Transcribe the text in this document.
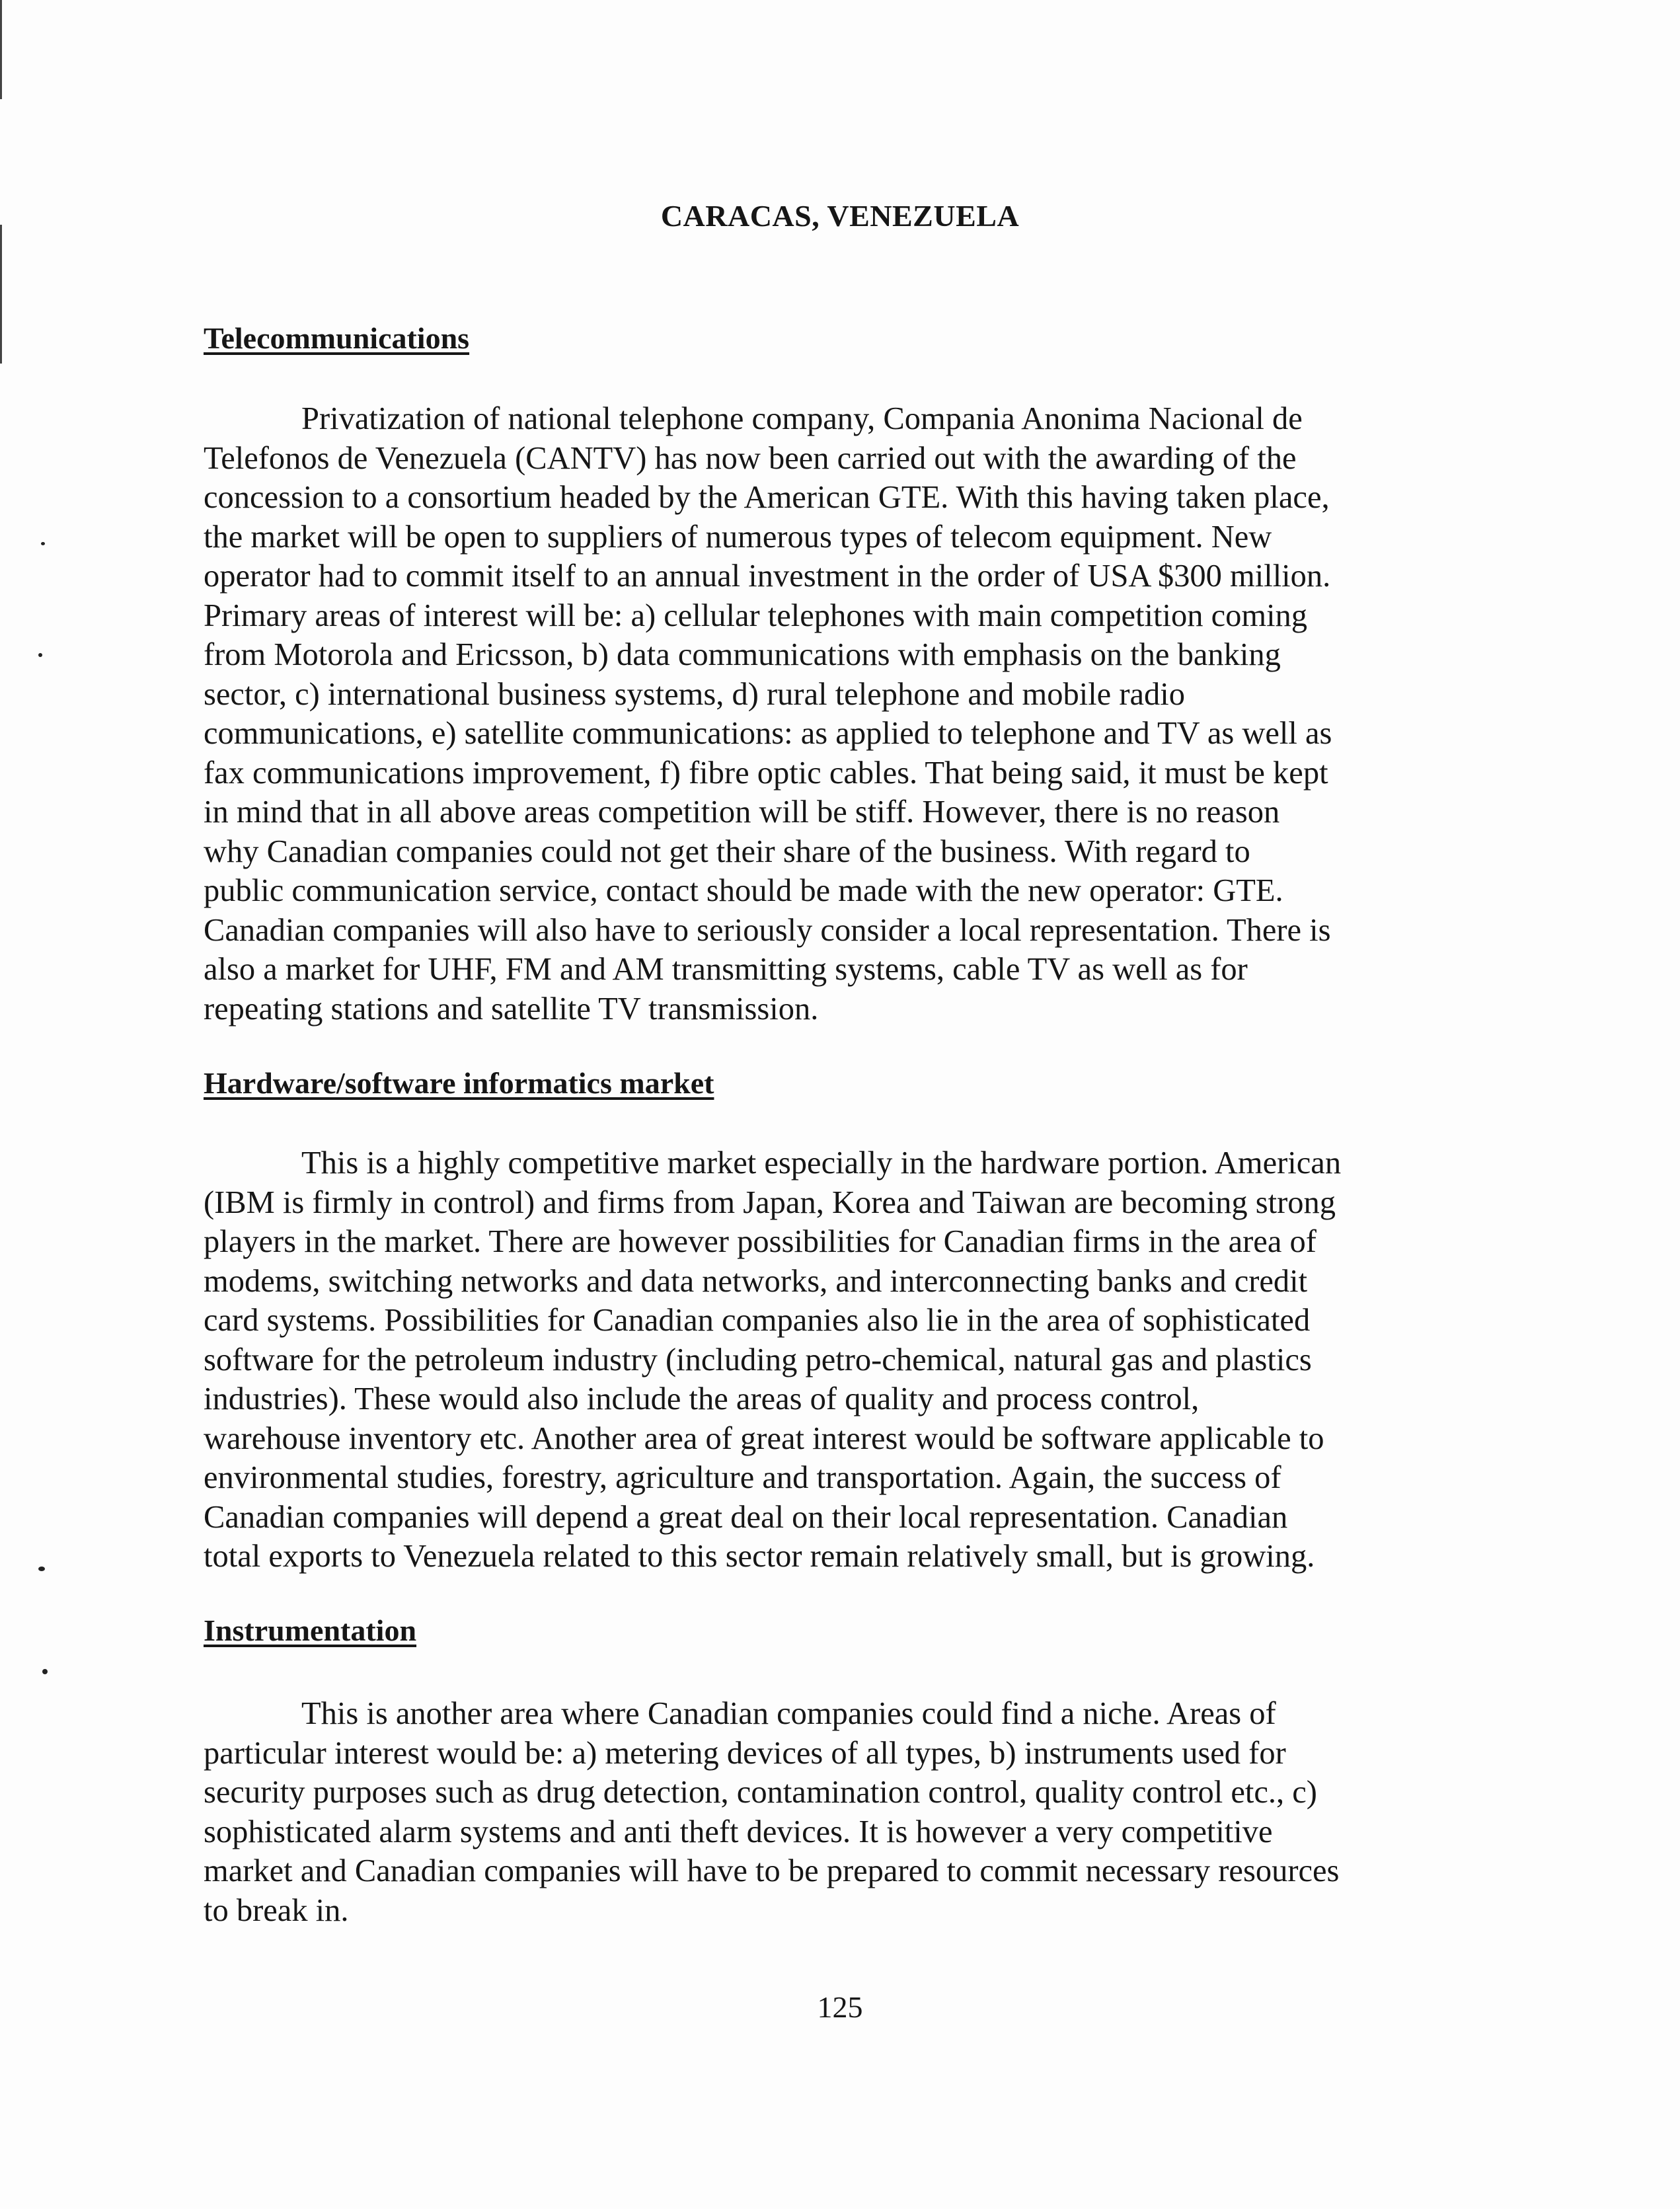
CARACAS, VENEZUELA
Telecommunications
Privatization of national telephone company, Compania Anonima Nacional de
Telefonos de Venezuela (CANTV) has now been carried out with the awarding of the
concession to a consortium headed by the American GTE. With this having taken place,
the market will be open to suppliers of numerous types of telecom equipment. New
operator had to commit itself to an annual investment in the order of USA $300 million.
Primary areas of interest will be: a) cellular telephones with main competition coming
from Motorola and Ericsson, b) data communications with emphasis on the banking
sector, c) international business systems, d) rural telephone and mobile radio
communications, e) satellite communications: as applied to telephone and TV as well as
fax communications improvement, f) fibre optic cables. That being said, it must be kept
in mind that in all above areas competition will be stiff. However, there is no reason
why Canadian companies could not get their share of the business. With regard to
public communication service, contact should be made with the new operator: GTE.
Canadian companies will also have to seriously consider a local representation. There is
also a market for UHF, FM and AM transmitting systems, cable TV as well as for
repeating stations and satellite TV transmission.
Hardware/software informatics market
This is a highly competitive market especially in the hardware portion. American
(IBM is firmly in control) and firms from Japan, Korea and Taiwan are becoming strong
players in the market. There are however possibilities for Canadian firms in the area of
modems, switching networks and data networks, and interconnecting banks and credit
card systems. Possibilities for Canadian companies also lie in the area of sophisticated
software for the petroleum industry (including petro-chemical, natural gas and plastics
industries). These would also include the areas of quality and process control,
warehouse inventory etc. Another area of great interest would be software applicable to
environmental studies, forestry, agriculture and transportation. Again, the success of
Canadian companies will depend a great deal on their local representation. Canadian
total exports to Venezuela related to this sector remain relatively small, but is growing.
Instrumentation
This is another area where Canadian companies could find a niche. Areas of
particular interest would be: a) metering devices of all types, b) instruments used for
security purposes such as drug detection, contamination control, quality control etc., c)
sophisticated alarm systems and anti theft devices. It is however a very competitive
market and Canadian companies will have to be prepared to commit necessary resources
to break in.
125
